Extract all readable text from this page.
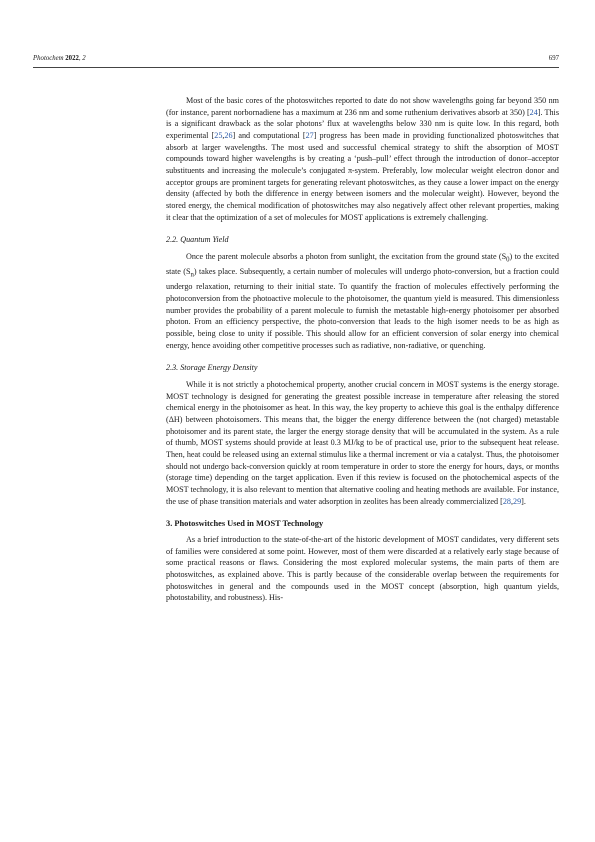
Photochem 2022, 2	697

Most of the basic cores of the photoswitches reported to date do not show wavelengths going far beyond 350 nm (for instance, parent norbornadiene has a maximum at 236 nm and some ruthenium derivatives absorb at 350) [24]. This is a significant drawback as the solar photons’ flux at wavelengths below 330 nm is quite low. In this regard, both experimental [25,26] and computational [27] progress has been made in providing functionalized photoswitches that absorb at larger wavelengths. The most used and successful chemical strategy to shift the absorption of MOST compounds toward higher wavelengths is by creating a ‘push–pull’ effect through the introduction of donor–acceptor substituents and increasing the molecule’s conjugated π-system. Preferably, low molecular weight electron donor and acceptor groups are prominent targets for generating relevant photoswitches, as they cause a lower impact on the energy density (affected by both the difference in energy between isomers and the molecular weight). However, beyond the stored energy, the chemical modification of photoswitches may also negatively affect other relevant properties, making it clear that the optimization of a set of molecules for MOST applications is extremely challenging.

2.2. Quantum Yield

Once the parent molecule absorbs a photon from sunlight, the excitation from the ground state $(S_0)$ to the excited state $(S_n)$ takes place. Subsequently, a certain number of molecules will undergo photo-conversion, but a fraction could undergo relaxation, returning to their initial state. To quantify the fraction of molecules effectively performing the photoconversion from the photoactive molecule to the photoisomer, the quantum yield is measured. This dimensionless number provides the probability of a parent molecule to furnish the metastable high-energy photoisomer per absorbed photon. From an efficiency perspective, the photo-conversion that leads to the high isomer needs to be as high as possible, being close to unity if possible. This should allow for an efficient conversion of solar energy into chemical energy, hence avoiding other competitive processes such as radiative, non-radiative, or quenching.

2.3. Storage Energy Density

While it is not strictly a photochemical property, another crucial concern in MOST systems is the energy storage. MOST technology is designed for generating the greatest possible increase in temperature after releasing the stored chemical energy in the photoisomer as heat. In this way, the key property to achieve this goal is the enthalpy difference (ΔH) between photoisomers. This means that, the bigger the energy difference between the (not charged) metastable photoisomer and its parent state, the larger the energy storage density that will be accumulated in the system. As a rule of thumb, MOST systems should provide at least 0.3 MJ/kg to be of practical use, prior to the subsequent heat release. Then, heat could be released using an external stimulus like a thermal increment or via a catalyst. Thus, the photoisomer should not undergo back-conversion quickly at room temperature in order to store the energy for hours, days, or months (storage time) depending on the target application. Even if this review is focused on the photochemical aspects of the MOST technology, it is also relevant to mention that alternative cooling and heating methods are available. For instance, the use of phase transition materials and water adsorption in zeolites has been already commercialized [28,29].

3. Photoswitches Used in MOST Technology

As a brief introduction to the state-of-the-art of the historic development of MOST candidates, very different sets of families were considered at some point. However, most of them were discarded at a relatively early stage because of some practical reasons or flaws. Considering the most explored molecular systems, the main parts of them are photoswitches, as explained above. This is partly because of the considerable overlap between the requirements for photoswitches in general and the compounds used in the MOST concept (absorption, high quantum yields, photostability, and robustness). His-
